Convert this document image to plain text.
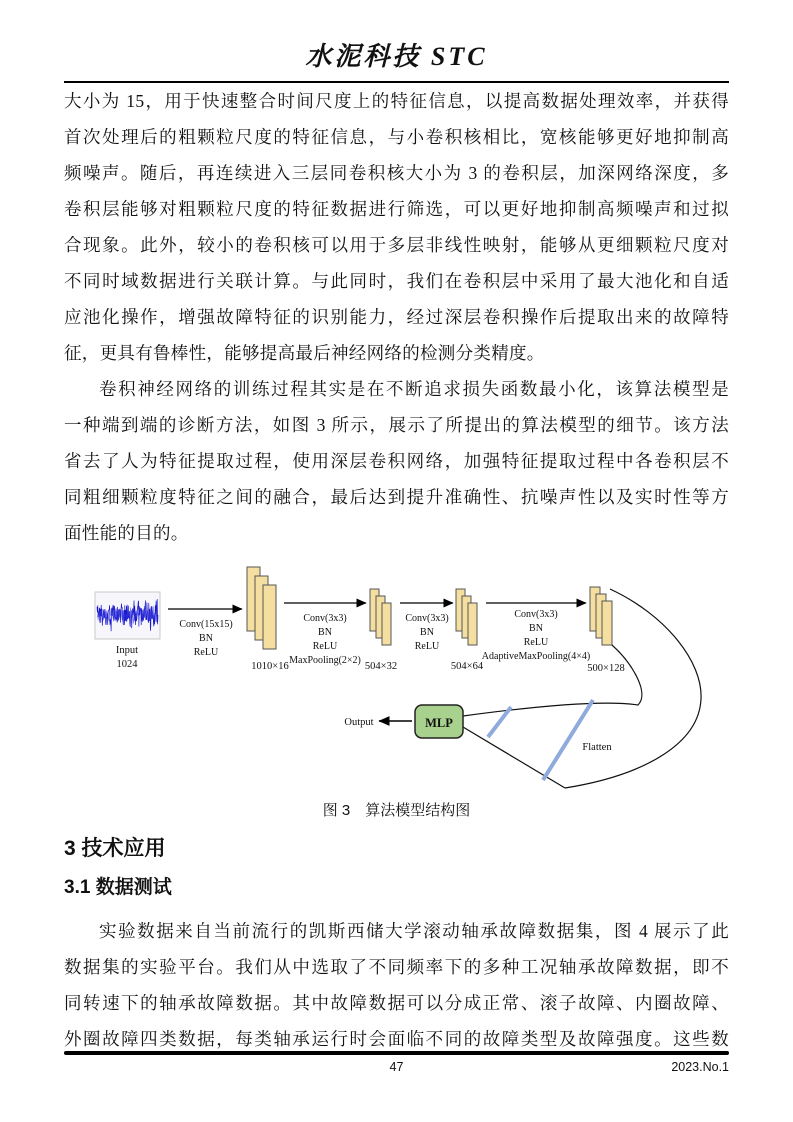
水泥科技 STC
大小为 15，用于快速整合时间尺度上的特征信息，以提高数据处理效率，并获得
首次处理后的粗颗粒尺度的特征信息，与小卷积核相比，宽核能够更好地抑制高
频噪声。随后，再连续进入三层同卷积核大小为 3 的卷积层，加深网络深度，多
卷积层能够对粗颗粒尺度的特征数据进行筛选，可以更好地抑制高频噪声和过拟
合现象。此外，较小的卷积核可以用于多层非线性映射，能够从更细颗粒尺度对
不同时域数据进行关联计算。与此同时，我们在卷积层中采用了最大池化和自适
应池化操作，增强故障特征的识别能力，经过深层卷积操作后提取出来的故障特
征，更具有鲁棒性，能够提高最后神经网络的检测分类精度。
卷积神经网络的训练过程其实是在不断追求损失函数最小化，该算法模型是
一种端到端的诊断方法，如图 3 所示，展示了所提出的算法模型的细节。该方法
省去了人为特征提取过程，使用深层卷积网络，加强特征提取过程中各卷积层不
同粗细颗粒度特征之间的融合，最后达到提升准确性、抗噪声性以及实时性等方
面性能的目的。
Input
1024
Conv(15x15)
BN
ReLU
1010×16
Conv(3x3)
BN
ReLU
MaxPooling(2×2)
504×32
Conv(3x3)
BN
ReLU
504×64
Conv(3x3)
BN
ReLU
AdaptiveMaxPooling(4×4)
500×128
Flatten
MLP
Output
图 3　算法模型结构图
3 技术应用
3.1 数据测试
实验数据来自当前流行的凯斯西储大学滚动轴承故障数据集，图 4 展示了此
数据集的实验平台。我们从中选取了不同频率下的多种工况轴承故障数据，即不
同转速下的轴承故障数据。其中故障数据可以分成正常、滚子故障、内圈故障、
外圈故障四类数据，每类轴承运行时会面临不同的故障类型及故障强度。这些数
47	2023.No.1
